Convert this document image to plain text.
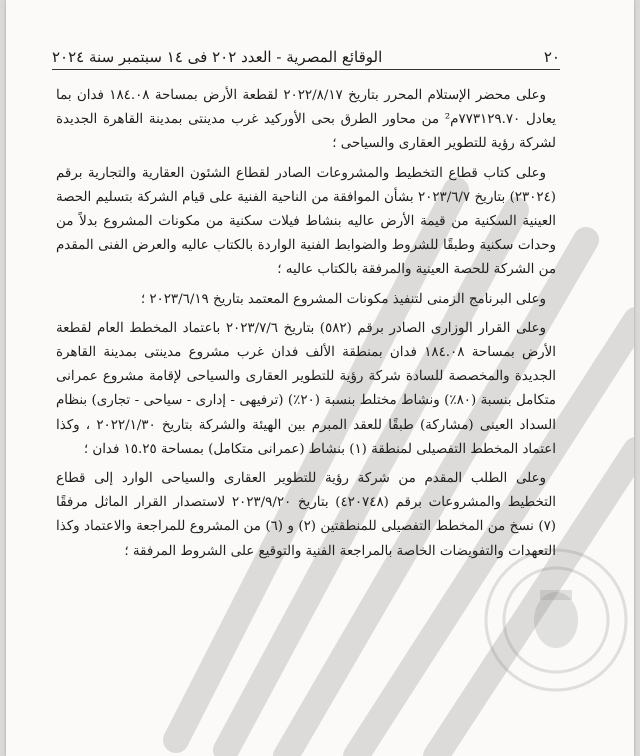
٢٠
الوقائع المصرية - العدد ٢٠٢ فى ١٤ سبتمبر سنة ٢٠٢٤

وعلى محضر الإستلام المحرر بتاريخ ٢٠٢٢/٨/١٧ لقطعة الأرض بمساحة ١٨٤.٠٨ فدان بما يعادل ٧٧٣١٢٩.٧٠م² من محاور الطرق بحى الأوركيد غرب مدينتى بمدينة القاهرة الجديدة لشركة رؤية للتطوير العقارى والسياحى ؛

وعلى كتاب قطاع التخطيط والمشروعات الصادر لقطاع الشئون العقارية والتجارية برقم (٢٣٠٢٤) بتاريخ ٢٠٢٣/٦/٧ بشأن الموافقة من الناحية الفنية على قيام الشركة بتسليم الحصة العينية السكنية من قيمة الأرض عاليه بنشاط فيلات سكنية من مكونات المشروع بدلاً من وحدات سكنية وطبقًا للشروط والضوابط الفنية الواردة بالكتاب عاليه والعرض الفنى المقدم من الشركة للحصة العينية والمرفقة بالكتاب عاليه ؛

وعلى البرنامج الزمنى لتنفيذ مكونات المشروع المعتمد بتاريخ ٢٠٢٣/٦/١٩ ؛

وعلى القرار الوزارى الصادر برقم (٥٨٢) بتاريخ ٢٠٢٣/٧/٦ باعتماد المخطط العام لقطعة الأرض بمساحة ١٨٤.٠٨ فدان بمنطقة الألف فدان غرب مشروع مدينتى بمدينة القاهرة الجديدة والمخصصة للسادة شركة رؤية للتطوير العقارى والسياحى لإقامة مشروع عمرانى متكامل بنسبة (٨٠٪) ونشاط مختلط بنسبة (٢٠٪) (ترفيهى - إدارى - سياحى - تجارى) بنظام السداد العينى (مشاركة) طبقًا للعقد المبرم بين الهيئة والشركة بتاريخ ٢٠٢٢/١/٣٠ ، وكذا اعتماد المخطط التفصيلى لمنطقة (١) بنشاط (عمرانى متكامل) بمساحة ١٥.٢٥ فدان ؛

وعلى الطلب المقدم من شركة رؤية للتطوير العقارى والسياحى الوارد إلى قطاع التخطيط والمشروعات برقم (٤٢٠٧٤٨) بتاريخ ٢٠٢٣/٩/٢٠ لاستصدار القرار الماثل مرفقًا (٧) نسخ من المخطط التفصيلى للمنطقتين (٢) و (٦) من المشروع للمراجعة والاعتماد وكذا التعهدات والتفويضات الخاصة بالمراجعة الفنية والتوقيع على الشروط المرفقة ؛
